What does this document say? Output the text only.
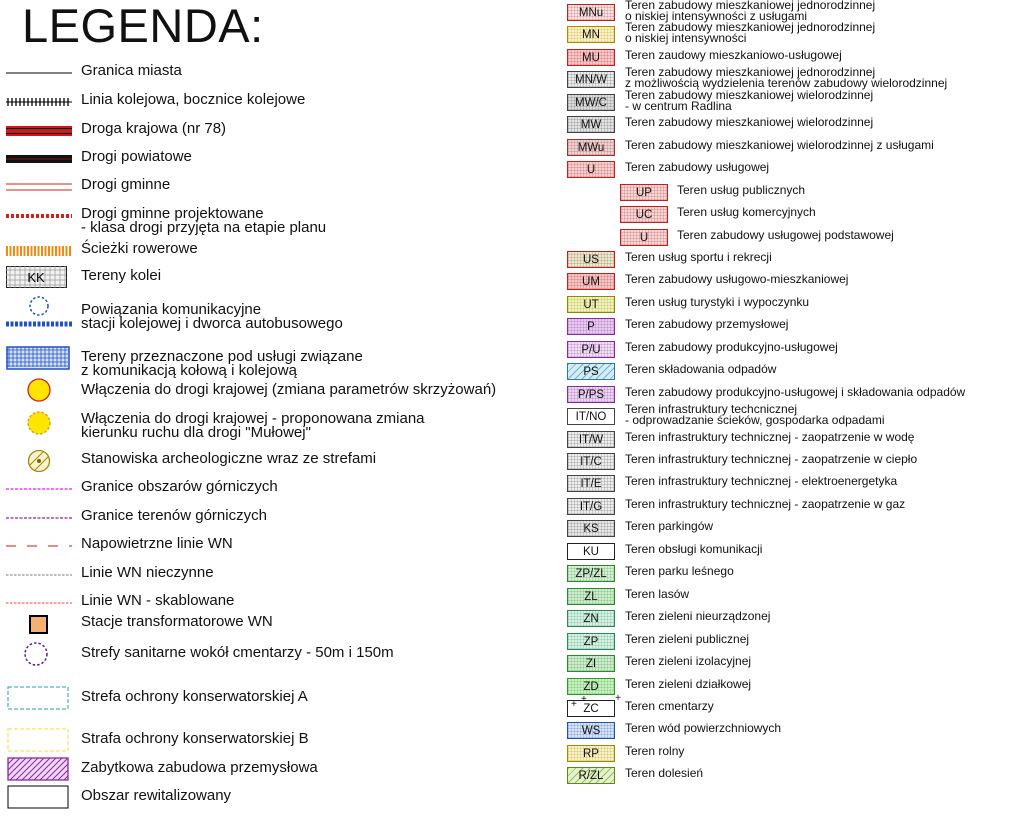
LEGENDA:
Granica miasta
Linia kolejowa, bocznice kolejowe
Droga krajowa (nr 78)
Drogi powiatowe
Drogi gminne
Drogi gminne projektowane
- klasa drogi przyjęta na etapie planu
Ścieżki rowerowe
KK Tereny kolei
Powiązania komunikacyjne
stacji kolejowej i dworca autobusowego
Tereny przeznaczone pod usługi związane
z komunikacją kołową i kolejową
Włączenia do drogi krajowej (zmiana parametrów skrzyżowań)
Włączenia do drogi krajowej - proponowana zmiana
kierunku ruchu dla drogi "Mułowej"
Stanowiska archeologiczne wraz ze strefami
Granice obszarów górniczych
Granice terenów górniczych
Napowietrzne linie WN
Linie WN nieczynne
Linie WN - skablowane
Stacje transformatorowe WN
Strefy sanitarne wokół cmentarzy - 50m i 150m
Strefa ochrony konserwatorskiej A
Strafa ochrony konserwatorskiej B
Zabytkowa zabudowa przemysłowa
Obszar rewitalizowany
MNu
Teren zabudowy mieszkaniowej jednorodzinnej
o niskiej intensywności z usługami
MN
Teren zabudowy mieszkaniowej jednorodzinnej
o niskiej intensywności
MU	Teren zaudowy mieszkaniowo-usługowej
MN/W
Teren zabudowy mieszkaniowej jednorodzinnej
z możliwością wydzielenia terenów zabudowy wielorodzinnej
MW/C
Teren zabudowy mieszkaniowej wielorodzinnej
- w centrum Radlina
MW	Teren zabudowy mieszkaniowej wielorodzinnej
MWu	Teren zabudowy mieszkaniowej wielorodzinnej z usługami
U	Teren zabudowy usługowej
UP	Teren usług publicznych
UC	Teren usług komercyjnych
U	Teren zabudowy usługowej podstawowej
US	Teren usług sportu i rekrecji
UM	Teren zabudowy usługowo-mieszkaniowej
UT	Teren usług turystyki i wypoczynku
P	Teren zabudowy przemysłowej
P/U	Teren zabudowy produkcyjno-usługowej
PS	Teren składowania odpadów
P/PS	Teren zabudowy produkcyjno-usługowej i składowania odpadów
IT/NO
Teren infrastruktury techcnicznej
- odprowadzanie ścieków, gospodarka odpadami
IT/W	Teren infrastruktury technicznej - zaopatrzenie w wodę
IT/C	Teren infrastruktury technicznej - zaopatrzenie w ciepło
IT/E	Teren infrastruktury technicznej - elektroenergetyka
IT/G	Teren infrastruktury technicznej - zaopatrzenie w gaz
KS	Teren parkingów
KU	Teren obsługi komunikacji
ZP/ZL	Teren parku leśnego
ZL	Teren lasów
ZN	Teren zieleni nieurządzonej
ZP	Teren zieleni publicznej
ZI	Teren zieleni izolacyjnej
ZD	Teren zieleni działkowej
ZC
+
+
+	Teren cmentarzy
WS	Teren wód powierzchniowych
RP	Teren rolny
R/ZL	Teren dolesień
